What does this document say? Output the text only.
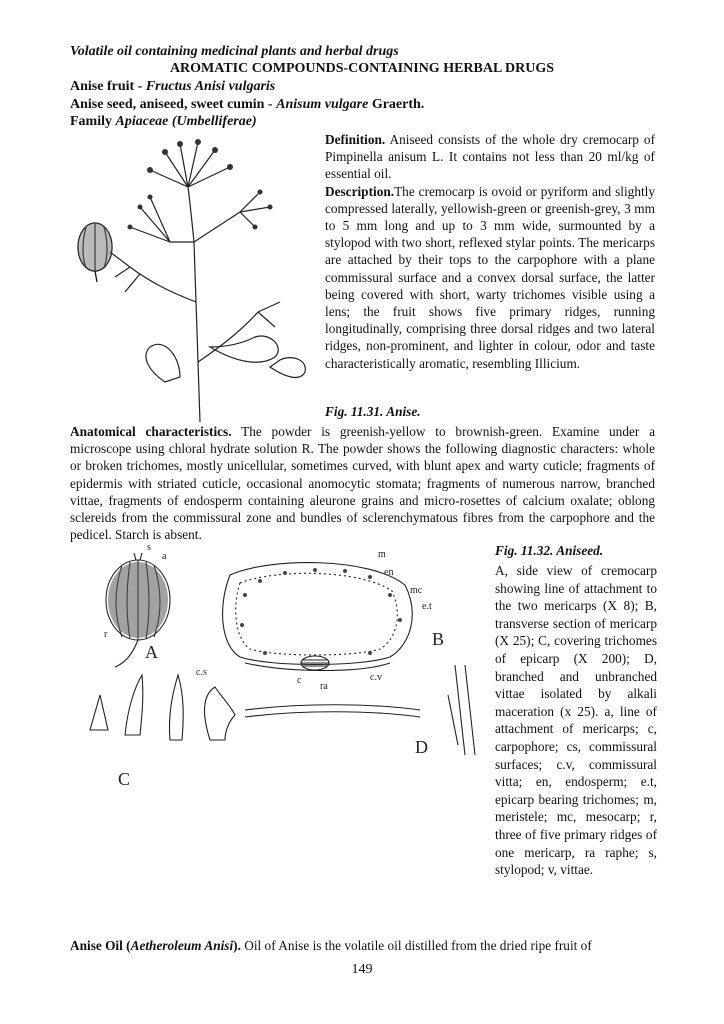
Volatile oil containing medicinal plants and herbal drugs
AROMATIC COMPOUNDS-CONTAINING HERBAL DRUGS
Anise fruit - Fructus Anisi vulgaris
Anise seed, aniseed, sweet cumin - Anisum vulgare Graerth.
Family Apiaceae (Umbelliferae)
Definition. Aniseed consists of the whole dry cremocarp of Pimpinella anisum L. It contains not less than 20 ml/kg of essential oil.
Description.The cremocarp is ovoid or pyriform and slightly compressed laterally, yellowish-green or greenish-grey, 3 mm to 5 mm long and up to 3 mm wide, surmounted by a stylopod with two short, reflexed stylar points. The mericarps are attached by their tops to the carpophore with a plane commissural surface and a convex dorsal surface, the latter being covered with short, warty trichomes visible using a lens; the fruit shows five primary ridges, running longitudinally, comprising three dorsal ridges and two lateral ridges, non-prominent, and lighter in colour, odor and taste characteristically aromatic, resembling Illicium.
Fig. 11.31. Anise.
Anatomical characteristics. The powder is greenish-yellow to brownish-green. Examine under a microscope using chloral hydrate solution R. The powder shows the following diagnostic characters: whole or broken trichomes, mostly unicellular, sometimes curved, with blunt apex and warty cuticle; fragments of epidermis with striated cuticle, occasional anomocytic stomata; fragments of numerous narrow, branched vittae, fragments of endosperm containing aleurone grains and micro-rosettes of calcium oxalate; oblong sclereids from the commissural zone and bundles of sclerenchymatous fibres from the carpophore and the pedicel. Starch is absent.
Fig. 11.32. Aniseed.
s
a
r
A
m
en
mc
e.t
B
c.s
c
ra
c.v
C
D
A, side view of cremocarp showing line of attachment to the two mericarps (X 8); B, transverse section of mericarp (X 25); C, covering trichomes of epicarp (X 200); D, branched and unbranched vittae isolated by alkali maceration (x 25). a, line of attachment of mericarps; c, carpophore; cs, commissural surfaces; c.v, commissural vitta; en, endosperm; e.t, epicarp bearing trichomes; m, meristele; mc, mesocarp; r, three of five primary ridges of one mericarp, ra raphe; s, stylopod; v, vittae.
Anise Oil (Aetheroleum Anisi). Oil of Anise is the volatile oil distilled from the dried ripe fruit of
149
